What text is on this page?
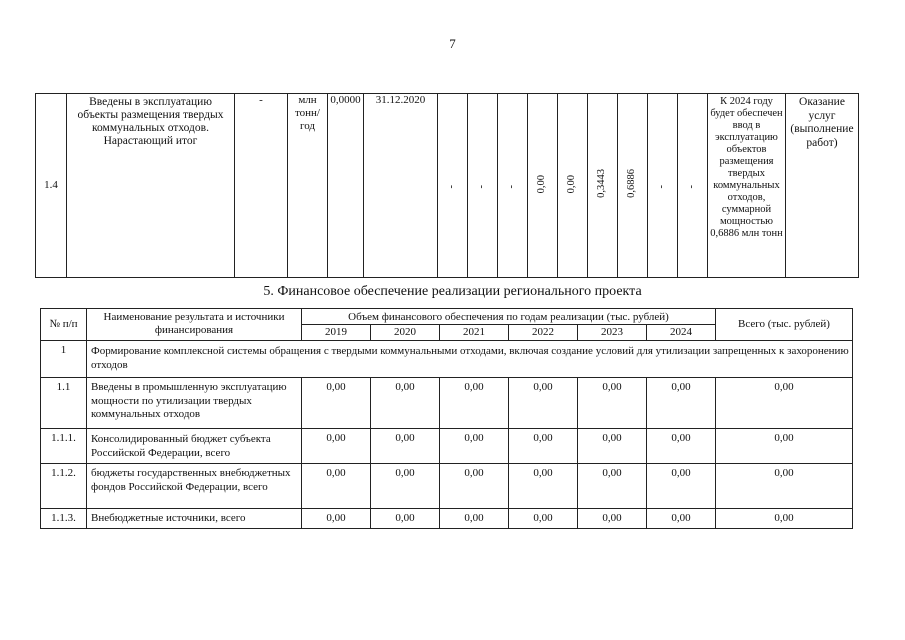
7
1.4	Введены в эксплуатацию объекты размещения твердых коммунальных отходов. Нарастающий итог	-	млн тонн/ год	0,0000	31.12.2020	-	-	-	0,00	0,00	0,3443	0,6886	-	-	К 2024 году будет обеспечен ввод в эксплуатацию объектов размещения твердых коммунальных отходов, суммарной мощностью 0,6886 млн тонн	Оказание услуг (выполнение работ)
5. Финансовое обеспечение реализации регионального проекта
№ п/п	Наименование результата и источники финансирования	Объем финансового обеспечения по годам реализации (тыс. рублей)						Всего (тыс. рублей)
		2019	2020	2021	2022	2023	2024	
1	Формирование комплексной системы обращения с твердыми коммунальными отходами, включая создание условий для утилизации запрещенных к захоронению отходов							
1.1	Введены в промышленную эксплуатацию мощности по утилизации твердых коммунальных отходов	0,00	0,00	0,00	0,00	0,00	0,00	0,00
1.1.1.	Консолидированный бюджет субъекта Российской Федерации, всего	0,00	0,00	0,00	0,00	0,00	0,00	0,00
1.1.2.	бюджеты государственных внебюджетных фондов Российской Федерации, всего	0,00	0,00	0,00	0,00	0,00	0,00	0,00
1.1.3.	Внебюджетные источники, всего	0,00	0,00	0,00	0,00	0,00	0,00	0,00
